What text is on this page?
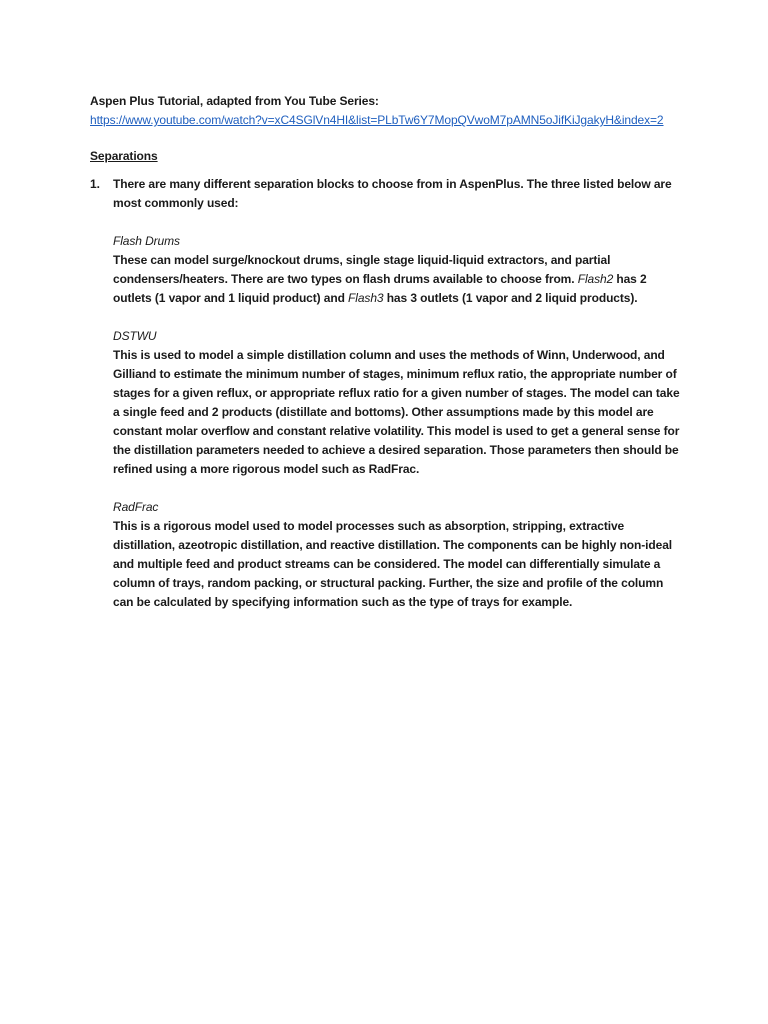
Aspen Plus Tutorial, adapted from You Tube Series:

https://www.youtube.com/watch?v=xC4SGlVn4HI&list=PLbTw6Y7MopQVwoM7pAMN5oJifKiJgakyH&index=2

Separations

1. There are many different separation blocks to choose from in AspenPlus. The three listed below are most commonly used:

Flash Drums

These can model surge/knockout drums, single stage liquid-liquid extractors, and partial condensers/heaters. There are two types on flash drums available to choose from. Flash2 has 2 outlets (1 vapor and 1 liquid product) and Flash3 has 3 outlets (1 vapor and 2 liquid products).

DSTWU

This is used to model a simple distillation column and uses the methods of Winn, Underwood, and Gilliand to estimate the minimum number of stages, minimum reflux ratio, the appropriate number of stages for a given reflux, or appropriate reflux ratio for a given number of stages. The model can take a single feed and 2 products (distillate and bottoms). Other assumptions made by this model are constant molar overflow and constant relative volatility. This model is used to get a general sense for the distillation parameters needed to achieve a desired separation. Those parameters then should be refined using a more rigorous model such as RadFrac.

RadFrac

This is a rigorous model used to model processes such as absorption, stripping, extractive distillation, azeotropic distillation, and reactive distillation. The components can be highly non-ideal and multiple feed and product streams can be considered. The model can differentially simulate a column of trays, random packing, or structural packing. Further, the size and profile of the column can be calculated by specifying information such as the type of trays for example.
